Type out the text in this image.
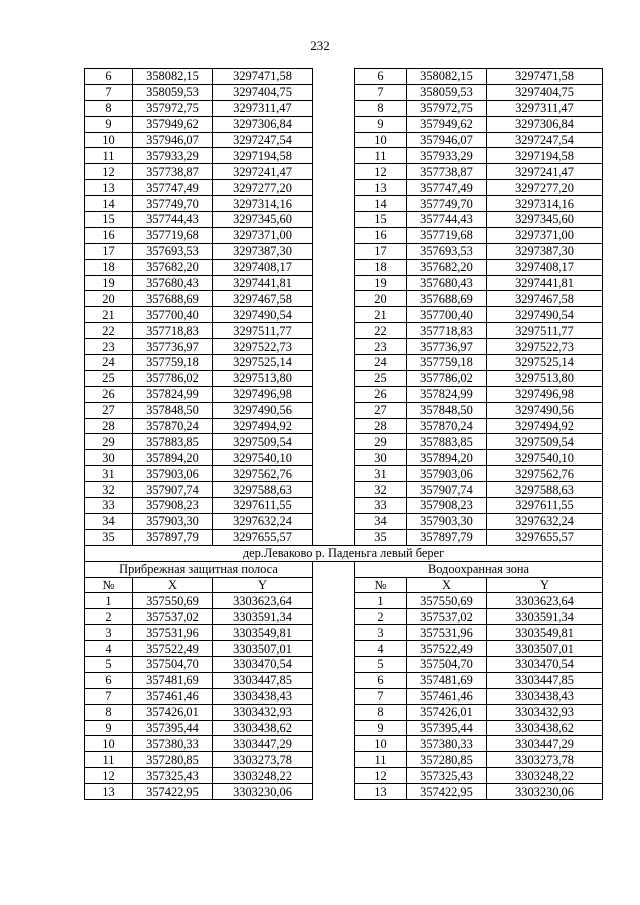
232
6	358082,15	3297471,58		6	358082,15	3297471,58
7	358059,53	3297404,75		7	358059,53	3297404,75
8	357972,75	3297311,47		8	357972,75	3297311,47
9	357949,62	3297306,84		9	357949,62	3297306,84
10	357946,07	3297247,54		10	357946,07	3297247,54
11	357933,29	3297194,58		11	357933,29	3297194,58
12	357738,87	3297241,47		12	357738,87	3297241,47
13	357747,49	3297277,20		13	357747,49	3297277,20
14	357749,70	3297314,16		14	357749,70	3297314,16
15	357744,43	3297345,60		15	357744,43	3297345,60
16	357719,68	3297371,00		16	357719,68	3297371,00
17	357693,53	3297387,30		17	357693,53	3297387,30
18	357682,20	3297408,17		18	357682,20	3297408,17
19	357680,43	3297441,81		19	357680,43	3297441,81
20	357688,69	3297467,58		20	357688,69	3297467,58
21	357700,40	3297490,54		21	357700,40	3297490,54
22	357718,83	3297511,77		22	357718,83	3297511,77
23	357736,97	3297522,73		23	357736,97	3297522,73
24	357759,18	3297525,14		24	357759,18	3297525,14
25	357786,02	3297513,80		25	357786,02	3297513,80
26	357824,99	3297496,98		26	357824,99	3297496,98
27	357848,50	3297490,56		27	357848,50	3297490,56
28	357870,24	3297494,92		28	357870,24	3297494,92
29	357883,85	3297509,54		29	357883,85	3297509,54
30	357894,20	3297540,10		30	357894,20	3297540,10
31	357903,06	3297562,76		31	357903,06	3297562,76
32	357907,74	3297588,63		32	357907,74	3297588,63
33	357908,23	3297611,55		33	357908,23	3297611,55
34	357903,30	3297632,24		34	357903,30	3297632,24
35	357897,79	3297655,57		35	357897,79	3297655,57
дер.Леваково р. Паденьга левый берег						
Прибрежная защитная полоса				Водоохранная зона		
№	X	Y		№	X	Y
1	357550,69	3303623,64		1	357550,69	3303623,64
2	357537,02	3303591,34		2	357537,02	3303591,34
3	357531,96	3303549,81		3	357531,96	3303549,81
4	357522,49	3303507,01		4	357522,49	3303507,01
5	357504,70	3303470,54		5	357504,70	3303470,54
6	357481,69	3303447,85		6	357481,69	3303447,85
7	357461,46	3303438,43		7	357461,46	3303438,43
8	357426,01	3303432,93		8	357426,01	3303432,93
9	357395,44	3303438,62		9	357395,44	3303438,62
10	357380,33	3303447,29		10	357380,33	3303447,29
11	357280,85	3303273,78		11	357280,85	3303273,78
12	357325,43	3303248,22		12	357325,43	3303248,22
13	357422,95	3303230,06		13	357422,95	3303230,06
